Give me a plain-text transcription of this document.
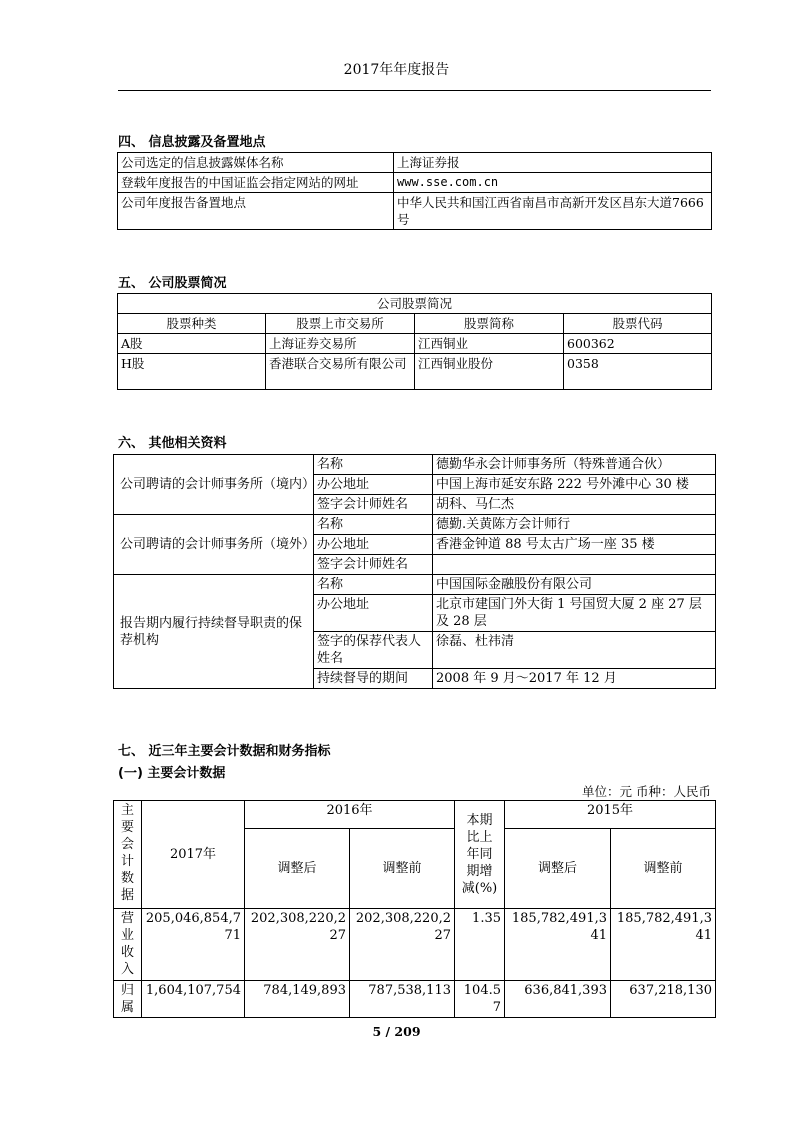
2017年年度报告
四、 信息披露及备置地点
公司选定的信息披露媒体名称	上海证券报
登载年度报告的中国证监会指定网站的网址	www.sse.com.cn
公司年度报告备置地点	中华人民共和国江西省南昌市高新开发区昌东大道7666号
五、 公司股票简况
公司股票简况			
股票种类	股票上市交易所	股票简称	股票代码
A股	上海证券交易所	江西铜业	600362
H股	香港联合交易所有限公司	江西铜业股份	0358
六、 其他相关资料
公司聘请的会计师事务所（境内）	名称	德勤华永会计师事务所（特殊普通合伙）
	办公地址	中国上海市延安东路 222 号外滩中心 30 楼
	签字会计师姓名	胡科、马仁杰
公司聘请的会计师事务所（境外）	名称	德勤.关黄陈方会计师行
	办公地址	香港金钟道 88 号太古广场一座 35 楼
	签字会计师姓名	
报告期内履行持续督导职责的保荐机构	名称	中国国际金融股份有限公司
	办公地址	北京市建国门外大街 1 号国贸大厦 2 座 27 层及 28 层
	签字的保荐代表人姓名	徐磊、杜祎清
	持续督导的期间	2008 年 9 月～2017 年 12 月
七、 近三年主要会计数据和财务指标
(一) 主要会计数据
单位：元 币种：人民币
主要会计数据	2017年	2016年		本期比上年同期增减(%)	2015年	
		调整后	调整前		调整后	调整前
营业收入	205,046,854,771	202,308,220,227	202,308,220,227	1.35	185,782,491,341	185,782,491,341
归属	1,604,107,754	784,149,893	787,538,113	104.57	636,841,393	637,218,130
5 / 209
